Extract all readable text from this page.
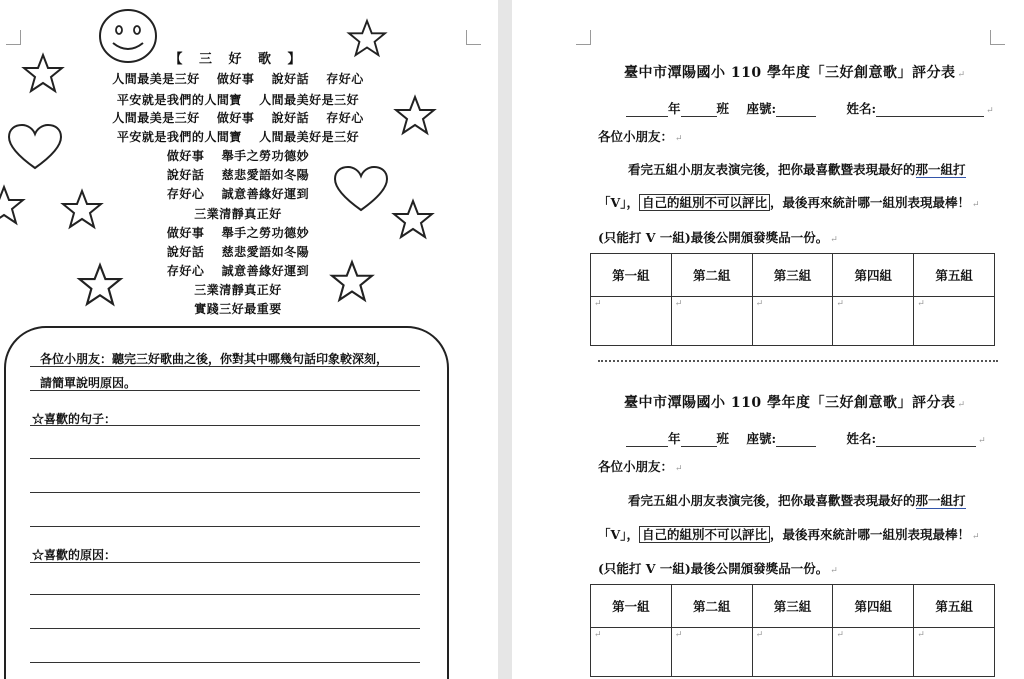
【 三 好 歌 】
人間最美是三好　 做好事　 說好話　 存好心
平安就是我們的人間寶　 人間最美好是三好
人間最美是三好　 做好事　 說好話　 存好心
平安就是我們的人間寶　 人間最美好是三好
做好事　 舉手之勞功德妙
說好話　 慈悲愛語如冬陽
存好心　 誠意善緣好運到
三業清靜真正好
做好事　 舉手之勞功德妙
說好話　 慈悲愛語如冬陽
存好心　 誠意善緣好運到
三業清靜真正好
實踐三好最重要
各位小朋友：聽完三好歌曲之後，你對其中哪幾句話印象較深刻，
請簡單說明原因。
☆喜歡的句子：
☆喜歡的原因：
臺中市潭陽國小 110 學年度「三好創意歌」評分表 ↵
年	班 座號:	姓名:	↵
各位小朋友： ↵
看完五組小朋友表演完後，把你最喜歡暨表現最好的那一組打
「V」， 自己的組別不可以評比 ，最後再來統計哪一組別表現最棒！ ↵
(只能打 V 一組)最後公開頒發獎品一份。 ↵
第一組	第二組	第三組	第四組	第五組
↵	↵	↵	↵	↵
臺中市潭陽國小 110 學年度「三好創意歌」評分表 ↵
年	班 座號:	姓名:	↵
各位小朋友： ↵
看完五組小朋友表演完後，把你最喜歡暨表現最好的那一組打
「V」， 自己的組別不可以評比 ，最後再來統計哪一組別表現最棒！ ↵
(只能打 V 一組)最後公開頒發獎品一份。 ↵
第一組	第二組	第三組	第四組	第五組
↵	↵	↵	↵	↵
